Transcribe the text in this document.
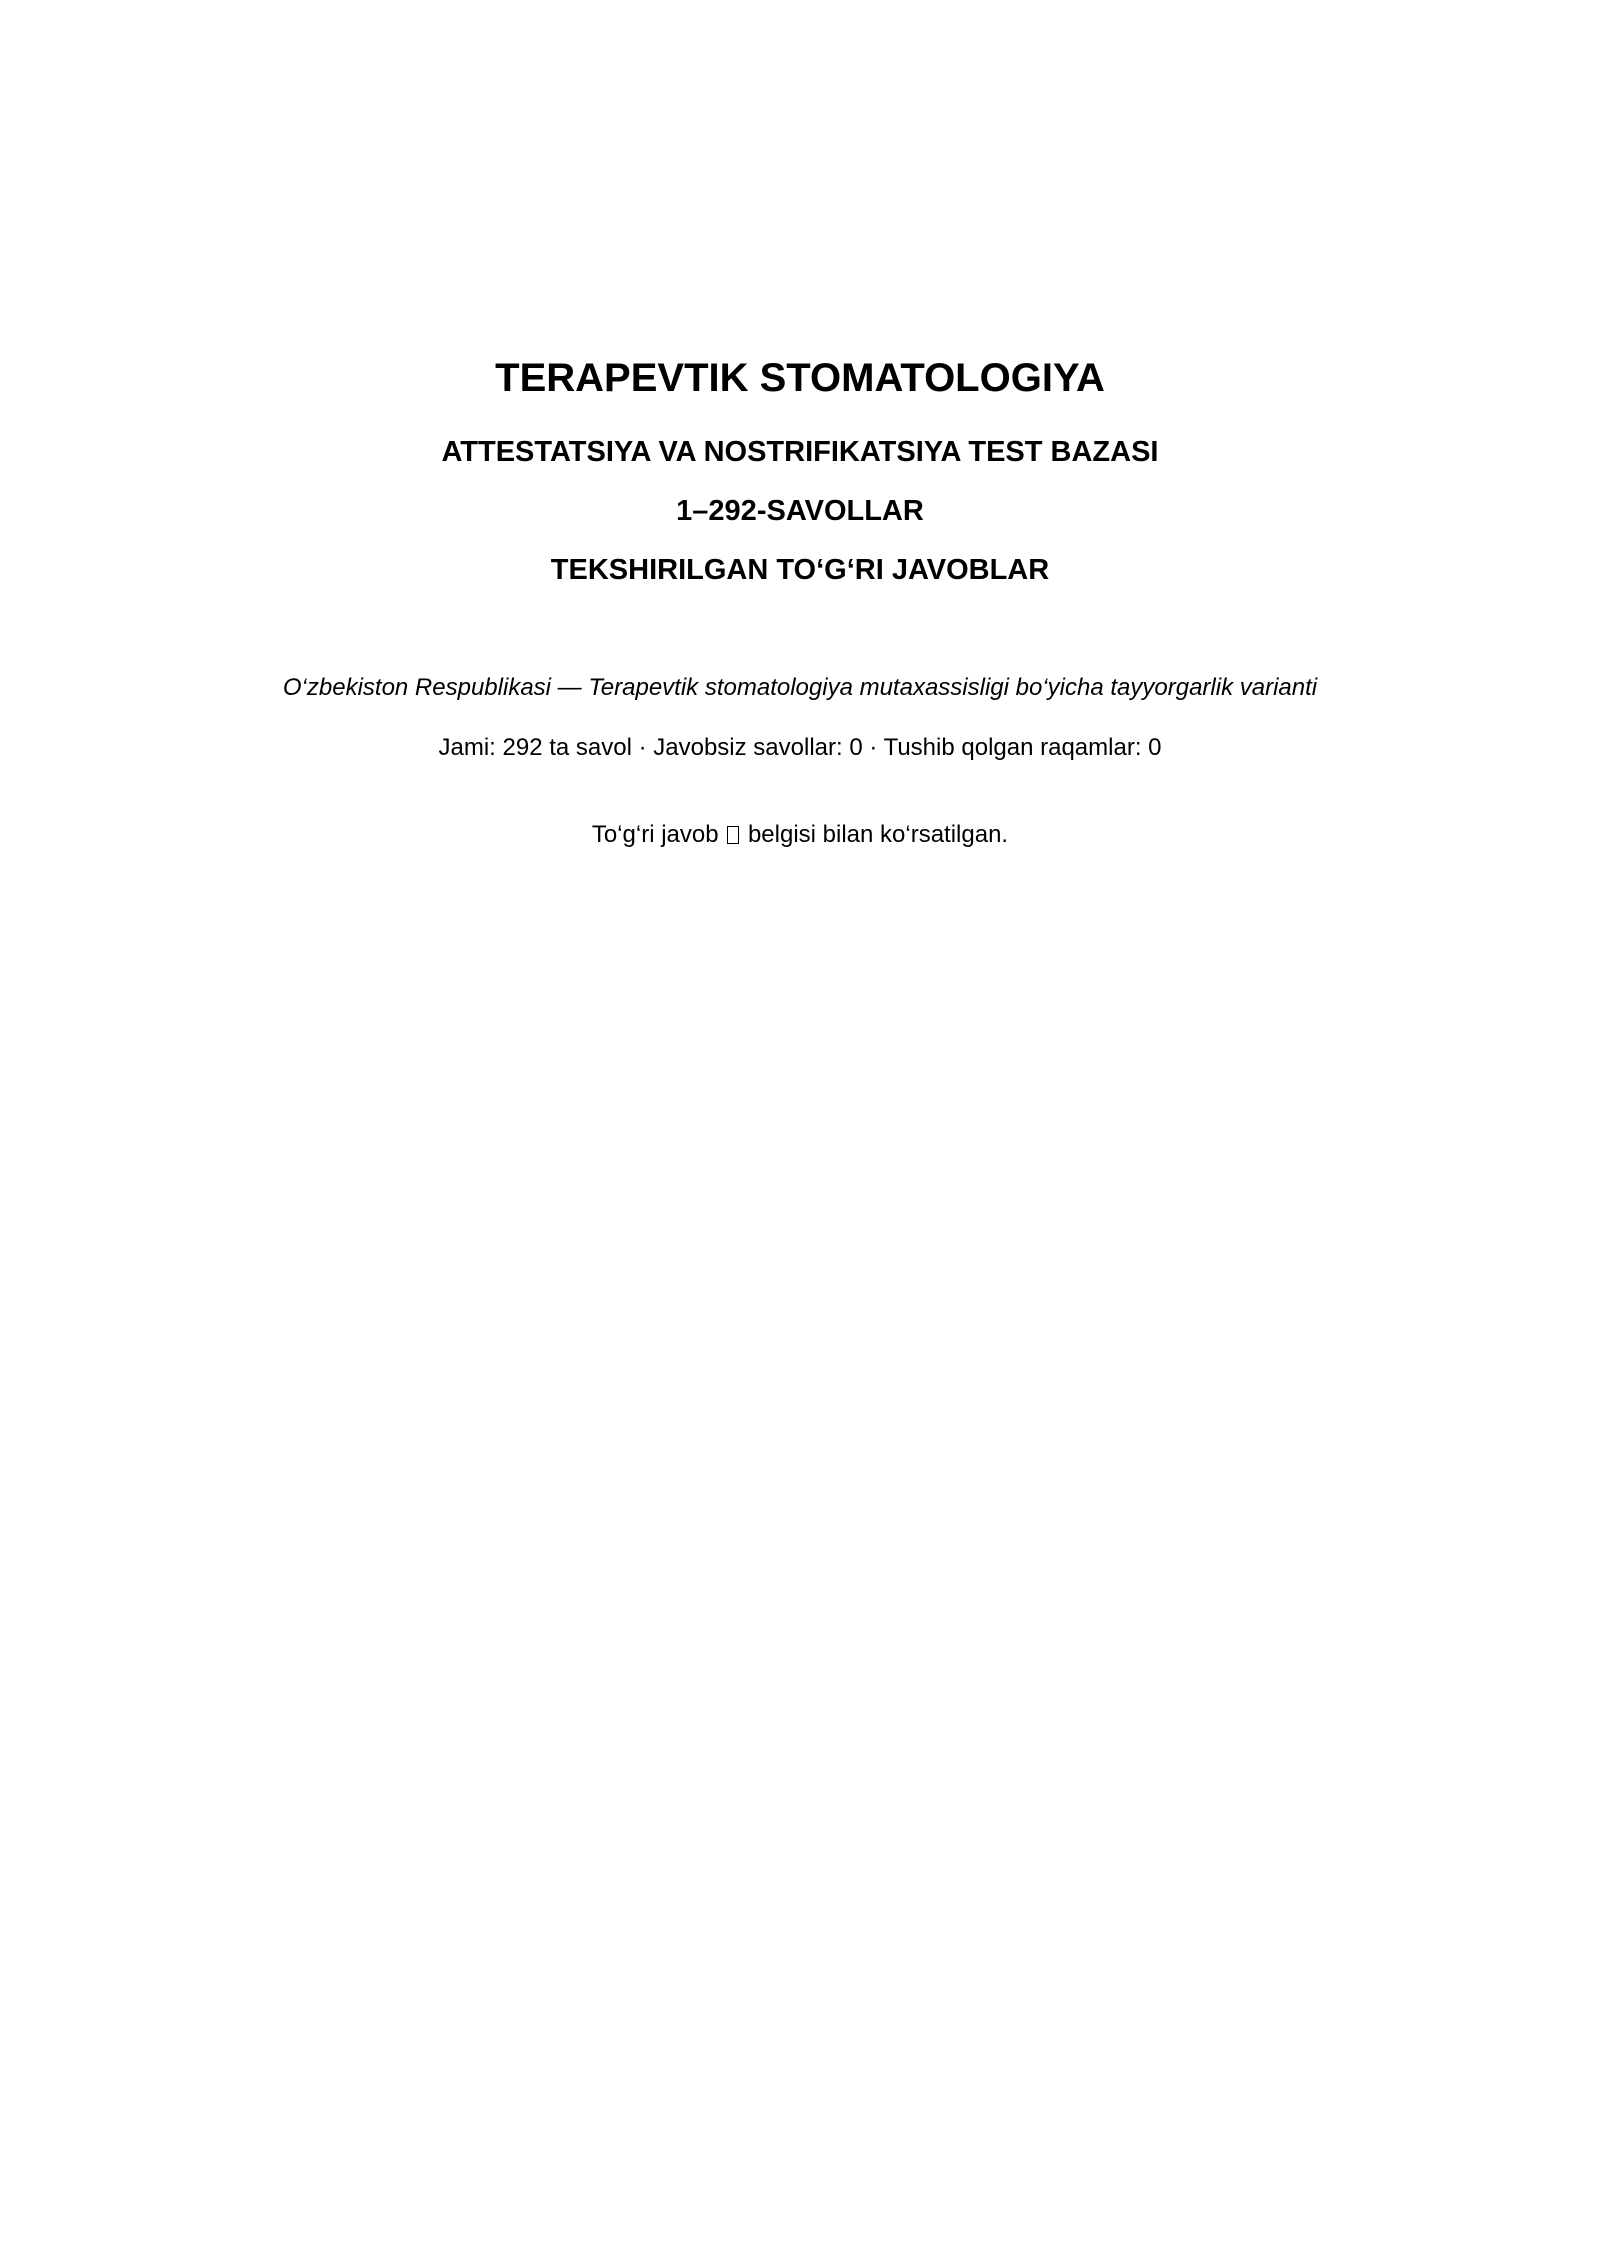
TERAPEVTIK STOMATOLOGIYA
ATTESTATSIYA VA NOSTRIFIKATSIYA TEST BAZASI
1–292-SAVOLLAR
TEKSHIRILGAN TO‘G‘RI JAVOBLAR
O‘zbekiston Respublikasi — Terapevtik stomatologiya mutaxassisligi bo‘yicha tayyorgarlik varianti
Jami: 292 ta savol · Javobsiz savollar: 0 · Tushib qolgan raqamlar: 0
To‘g‘ri javob belgisi bilan ko‘rsatilgan.
